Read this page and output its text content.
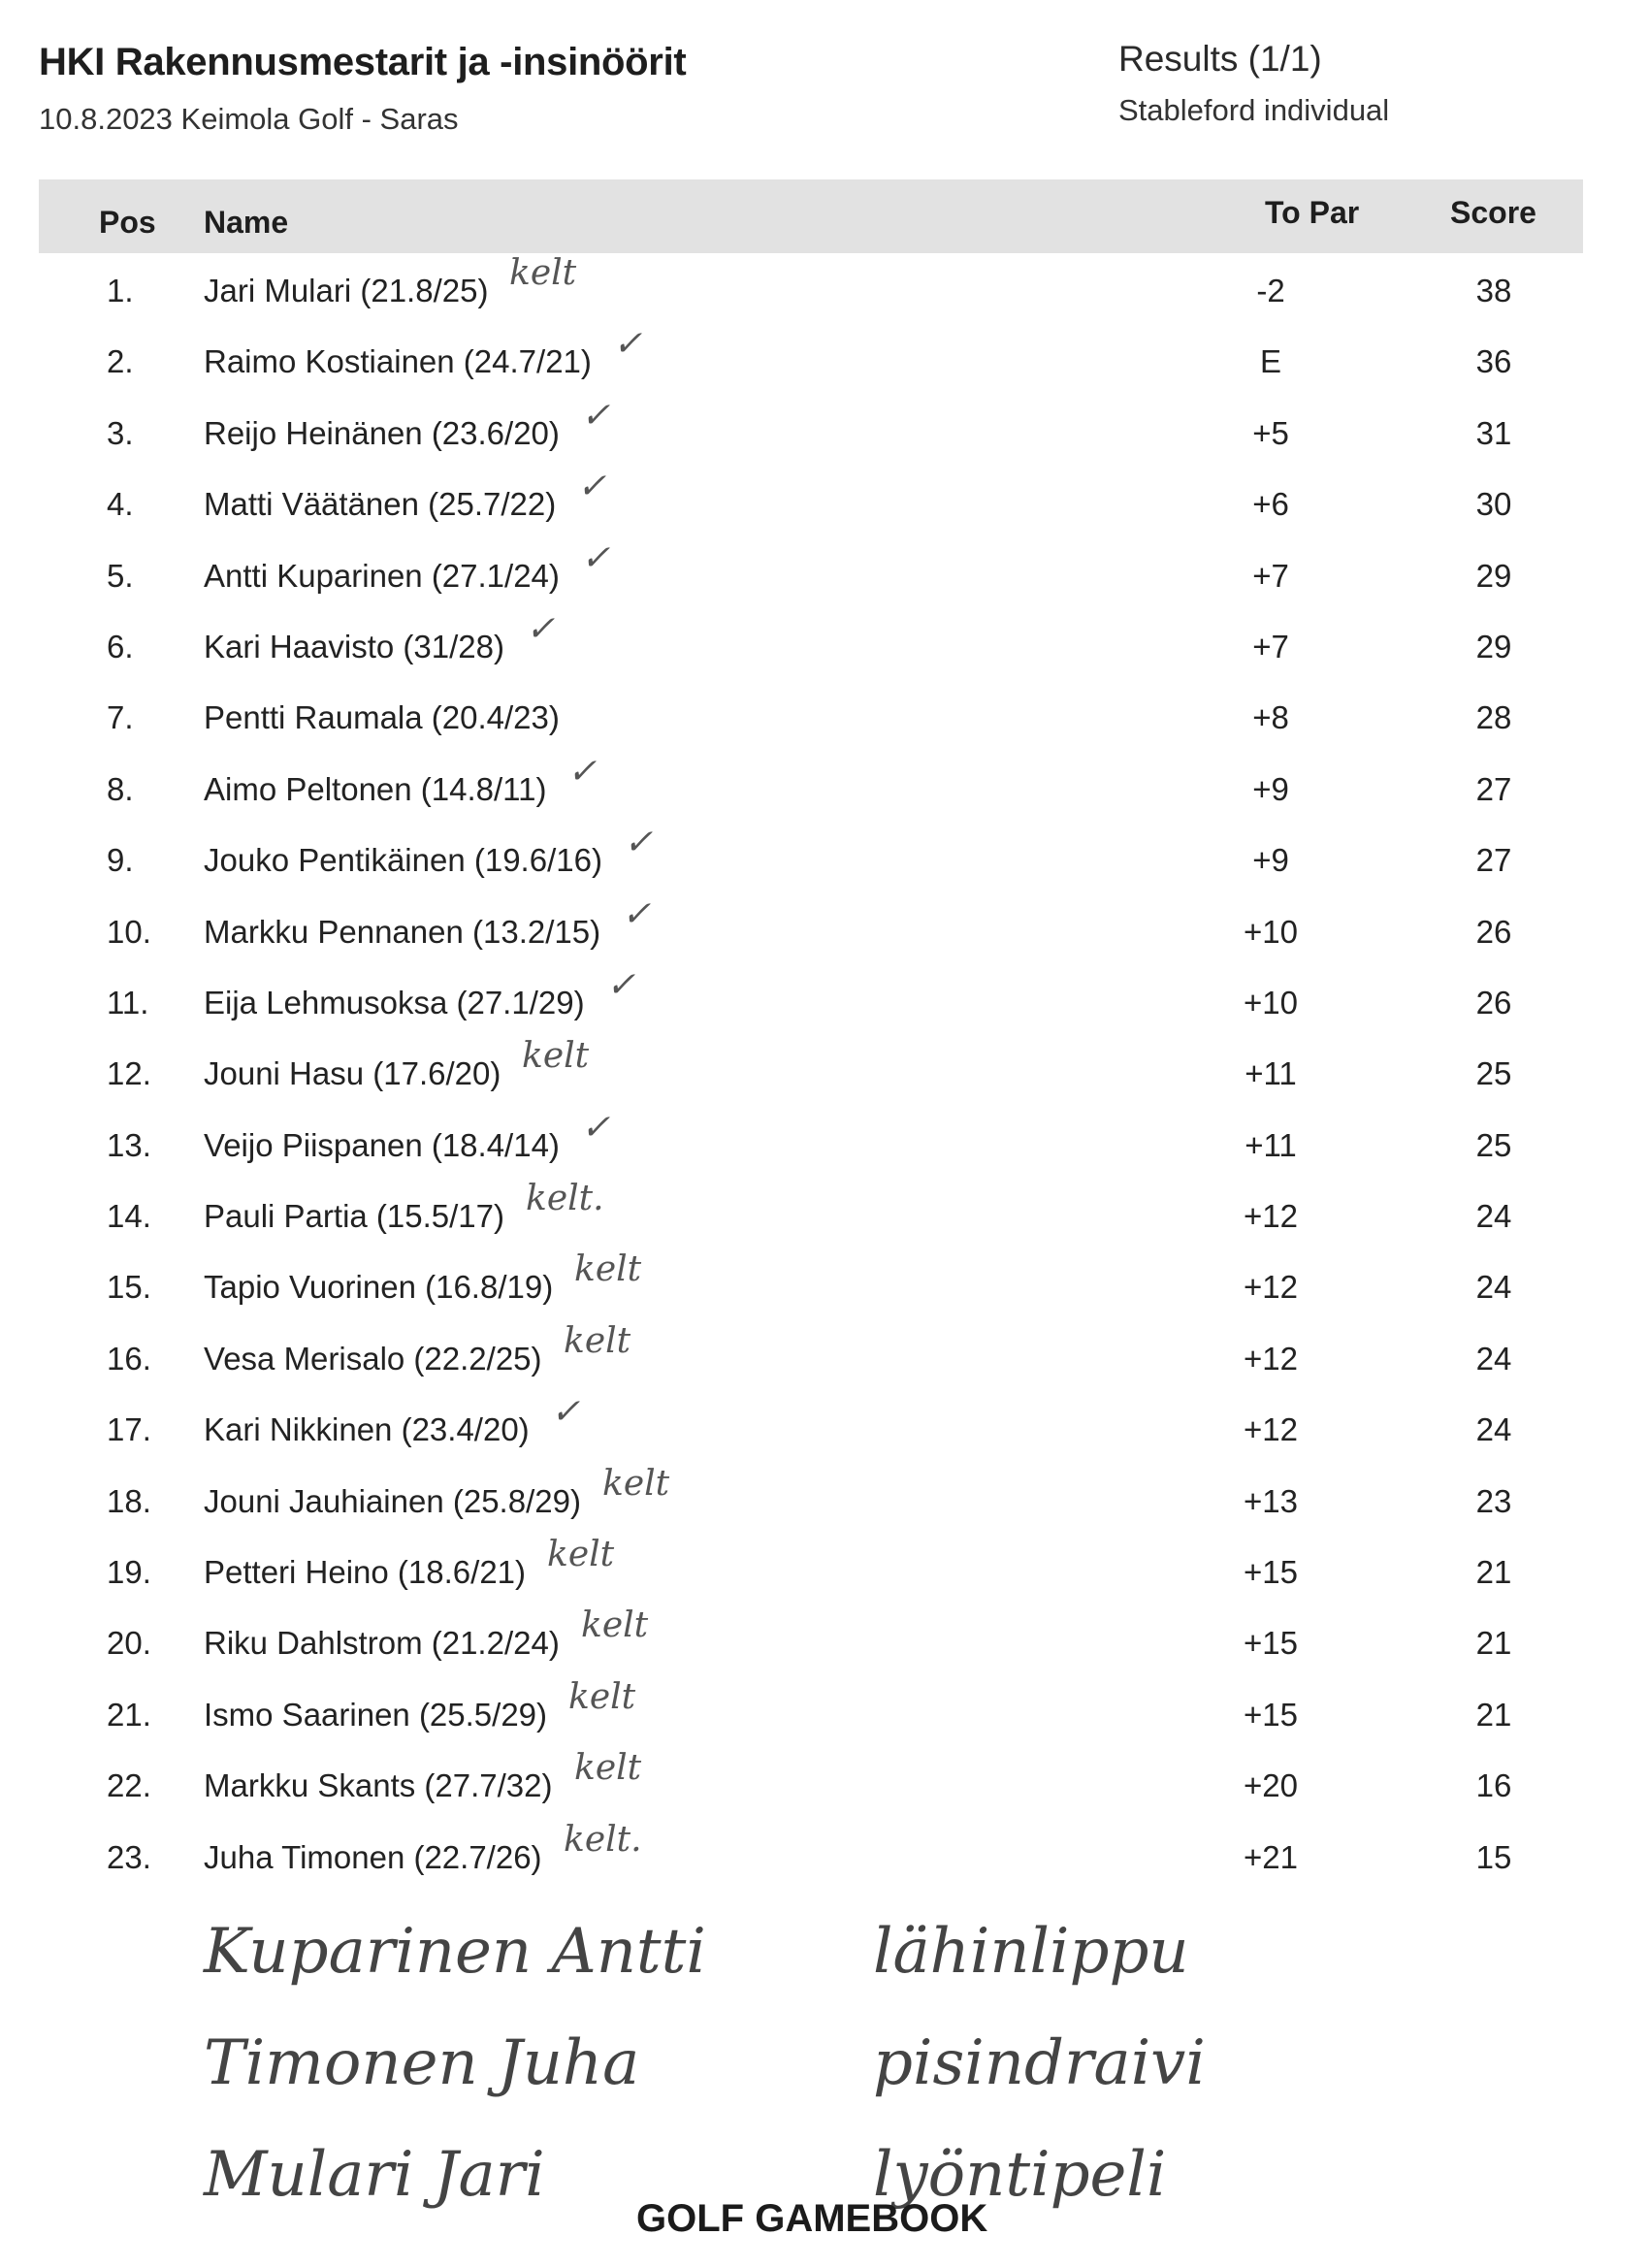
HKI Rakennusmestarit ja -insinöörit
10.8.2023 Keimola Golf - Saras
Results (1/1)
Stableford individual
Pos Name	To Par	Score
1. Jari Mulari (21.8/25) kelt	-2	38
2. Raimo Kostiainen (24.7/21) ✓	E	36
3. Reijo Heinänen (23.6/20) ✓	+5	31
4. Matti Väätänen (25.7/22) ✓	+6	30
5. Antti Kuparinen (27.1/24) ✓	+7	29
6. Kari Haavisto (31/28) ✓	+7	29
7. Pentti Raumala (20.4/23)	+8	28
8. Aimo Peltonen (14.8/11) ✓	+9	27
9. Jouko Pentikäinen (19.6/16) ✓	+9	27
10. Markku Pennanen (13.2/15) ✓	+10	26
11. Eija Lehmusoksa (27.1/29) ✓	+10	26
12. Jouni Hasu (17.6/20) kelt	+11	25
13. Veijo Piispanen (18.4/14) ✓	+11	25
14. Pauli Partia (15.5/17) kelt.	+12	24
15. Tapio Vuorinen (16.8/19) kelt	+12	24
16. Vesa Merisalo (22.2/25) kelt	+12	24
17. Kari Nikkinen (23.4/20) ✓	+12	24
18. Jouni Jauhiainen (25.8/29) kelt	+13	23
19. Petteri Heino (18.6/21) kelt	+15	21
20. Riku Dahlstrom (21.2/24) kelt	+15	21
21. Ismo Saarinen (25.5/29) kelt	+15	21
22. Markku Skants (27.7/32) kelt	+20	16
23. Juha Timonen (22.7/26) kelt.	+21	15
Kuparinen Antti	lähinlippu
Timonen Juha	pisindraivi
Mulari Jari	lyöntipeli
GOLF GAMEBOOK
